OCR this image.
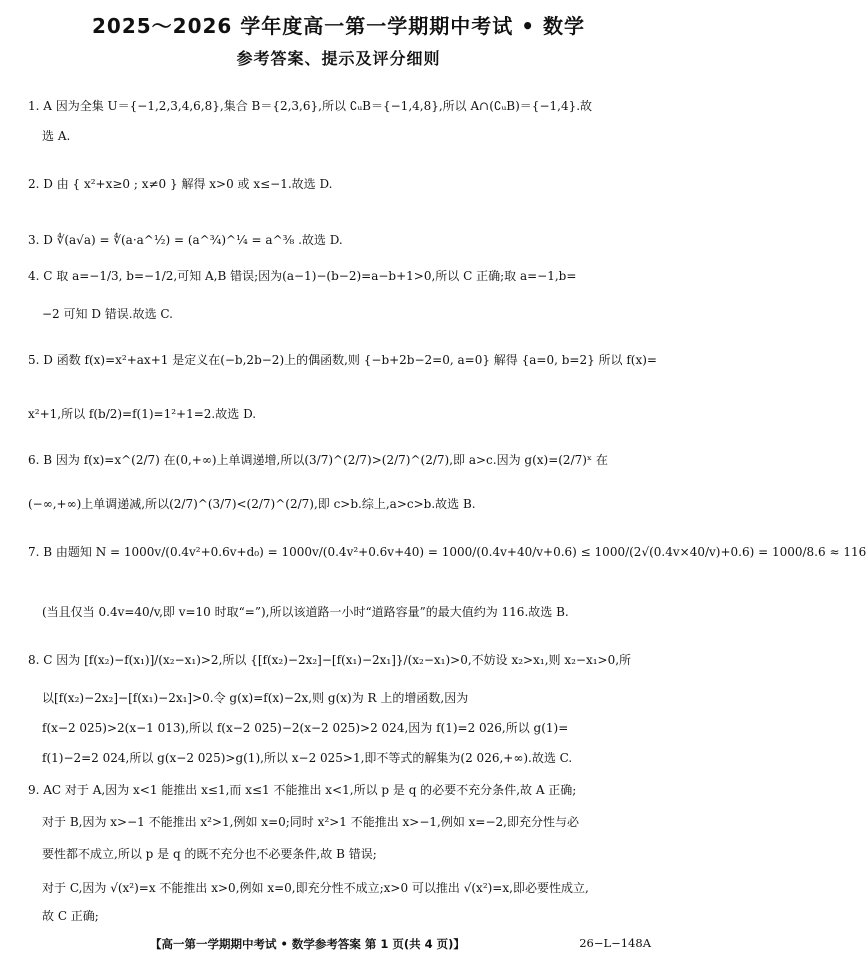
2025～2026 学年度高一第一学期期中考试 • 数学
参考答案、提示及评分细则
1. A 因为全集 U＝{−1,2,3,4,6,8},集合 B＝{2,3,6},所以 ∁ᵤB＝{−1,4,8},所以 A∩(∁ᵤB)＝{−1,4}.故
选 A.
2. D 由 { x²+x≥0 ; x≠0 } 解得 x>0 或 x≤−1.故选 D.
3. D ∜(a√a) = ∜(a·a^½) = (a^¾)^¼ = a^⅜ .故选 D.
4. C 取 a=−1/3, b=−1/2,可知 A,B 错误;因为(a−1)−(b−2)=a−b+1>0,所以 C 正确;取 a=−1,b=
−2 可知 D 错误.故选 C.
5. D 函数 f(x)=x²+ax+1 是定义在(−b,2b−2)上的偶函数,则 {−b+2b−2=0, a=0} 解得 {a=0, b=2} 所以 f(x)=
x²+1,所以 f(b/2)=f(1)=1²+1=2.故选 D.
6. B 因为 f(x)=x^(2/7) 在(0,+∞)上单调递增,所以(3/7)^(2/7)>(2/7)^(2/7),即 a>c.因为 g(x)=(2/7)ˣ 在
(−∞,+∞)上单调递减,所以(2/7)^(3/7)<(2/7)^(2/7),即 c>b.综上,a>c>b.故选 B.
7. B 由题知 N = 1000v/(0.4v²+0.6v+d₀) = 1000v/(0.4v²+0.6v+40) = 1000/(0.4v+40/v+0.6) ≤ 1000/(2√(0.4v×40/v)+0.6) = 1000/8.6 ≈ 116
(当且仅当 0.4v=40/v,即 v=10 时取“=”),所以该道路一小时“道路容量”的最大值约为 116.故选 B.
8. C 因为 [f(x₂)−f(x₁)]/(x₂−x₁)>2,所以 {[f(x₂)−2x₂]−[f(x₁)−2x₁]}/(x₂−x₁)>0,不妨设 x₂>x₁,则 x₂−x₁>0,所
以[f(x₂)−2x₂]−[f(x₁)−2x₁]>0.令 g(x)=f(x)−2x,则 g(x)为 R 上的增函数,因为
f(x−2 025)>2(x−1 013),所以 f(x−2 025)−2(x−2 025)>2 024,因为 f(1)=2 026,所以 g(1)=
f(1)−2=2 024,所以 g(x−2 025)>g(1),所以 x−2 025>1,即不等式的解集为(2 026,+∞).故选 C.
9. AC 对于 A,因为 x<1 能推出 x≤1,而 x≤1 不能推出 x<1,所以 p 是 q 的必要不充分条件,故 A 正确;
对于 B,因为 x>−1 不能推出 x²>1,例如 x=0;同时 x²>1 不能推出 x>−1,例如 x=−2,即充分性与必
要性都不成立,所以 p 是 q 的既不充分也不必要条件,故 B 错误;
对于 C,因为 √(x²)=x 不能推出 x>0,例如 x=0,即充分性不成立;x>0 可以推出 √(x²)=x,即必要性成立,
故 C 正确;
【高一第一学期期中考试 • 数学参考答案 第 1 页(共 4 页)】	26−L−148A
